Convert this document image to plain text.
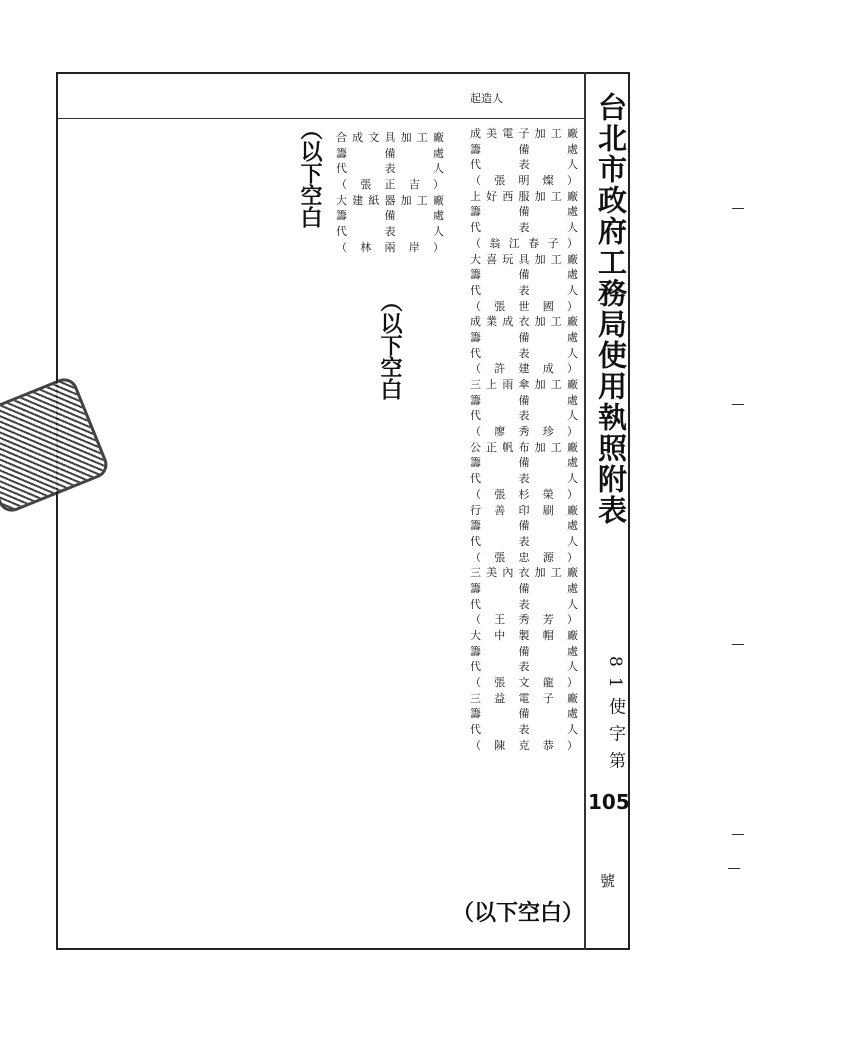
台北市政府工務局使用執照附表
81使字第
105
號
起造人
成 美 電 子 加 工 廠
籌	備	處
代	表	人
（ 張 明 燦 ）
上 好 西 服 加 工 廠
籌	備	處
代	表	人
（ 翁 江 春 子 ）
大 喜 玩 具 加 工 廠
籌	備	處
代	表	人
（ 張 世 國 ）
成 業 成 衣 加 工 廠
籌	備	處
代	表	人
（ 許 建 成 ）
三 上 雨 傘 加 工 廠
籌	備	處
代	表	人
（ 廖 秀 珍 ）
公 正 帆 布 加 工 廠
籌	備	處
代	表	人
（ 張 杉 榮 ）
行 善 印 刷 廠
籌	備	處
代	表	人
（ 張 忠 源 ）
三 美 內 衣 加 工 廠
籌	備	處
代	表	人
（ 王 秀 芳 ）
大 中 製 帽 廠
籌	備	處
代	表	人
（ 張 文 龍 ）
三 益 電 子 廠
籌	備	處
代	表	人
（ 陳 克 恭 ）
合 成 文 具 加 工 廠
籌	備	處
代	表	人
（ 張 正 吉 ）
大 建 紙 器 加 工 廠
籌	備	處
代	表	人
（ 林 兩 岸 ）
（以下空白
（以下空白
（以下空白）
